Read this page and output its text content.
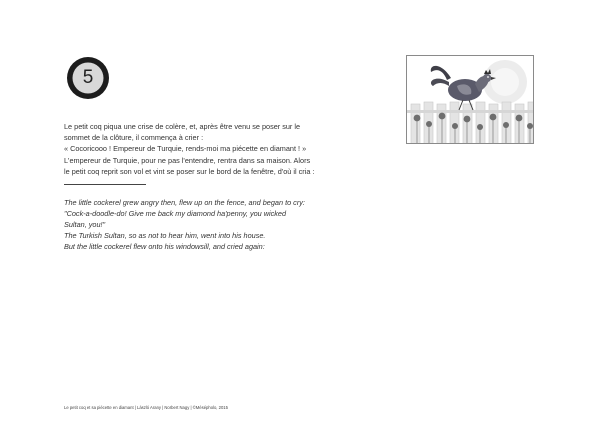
5

Le petit coq piqua une crise de colère, et, après être venu se poser sur le

sommet de la clôture, il commença à crier :

« Cocoricooo ! Empereur de Turquie, rends-moi ma piécette en diamant ! »

L'empereur de Turquie, pour ne pas l'entendre, rentra dans sa maison. Alors

le petit coq reprit son vol et vint se poser sur le bord de la fenêtre, d'où il cria :

The little cockerel grew angry then, flew up on the fence, and began to cry:

"Cock-a-doodle-do! Give me back my diamond ha'penny, you wicked

Sultan, you!"

The Turkish Sultan, so as not to hear him, went into his house.

But the little cockerel flew onto his windowsill, and cried again:

Le petit coq et sa piécette en diamant | László Arany | Norbert Nagy | ©Mésépholo, 2015
